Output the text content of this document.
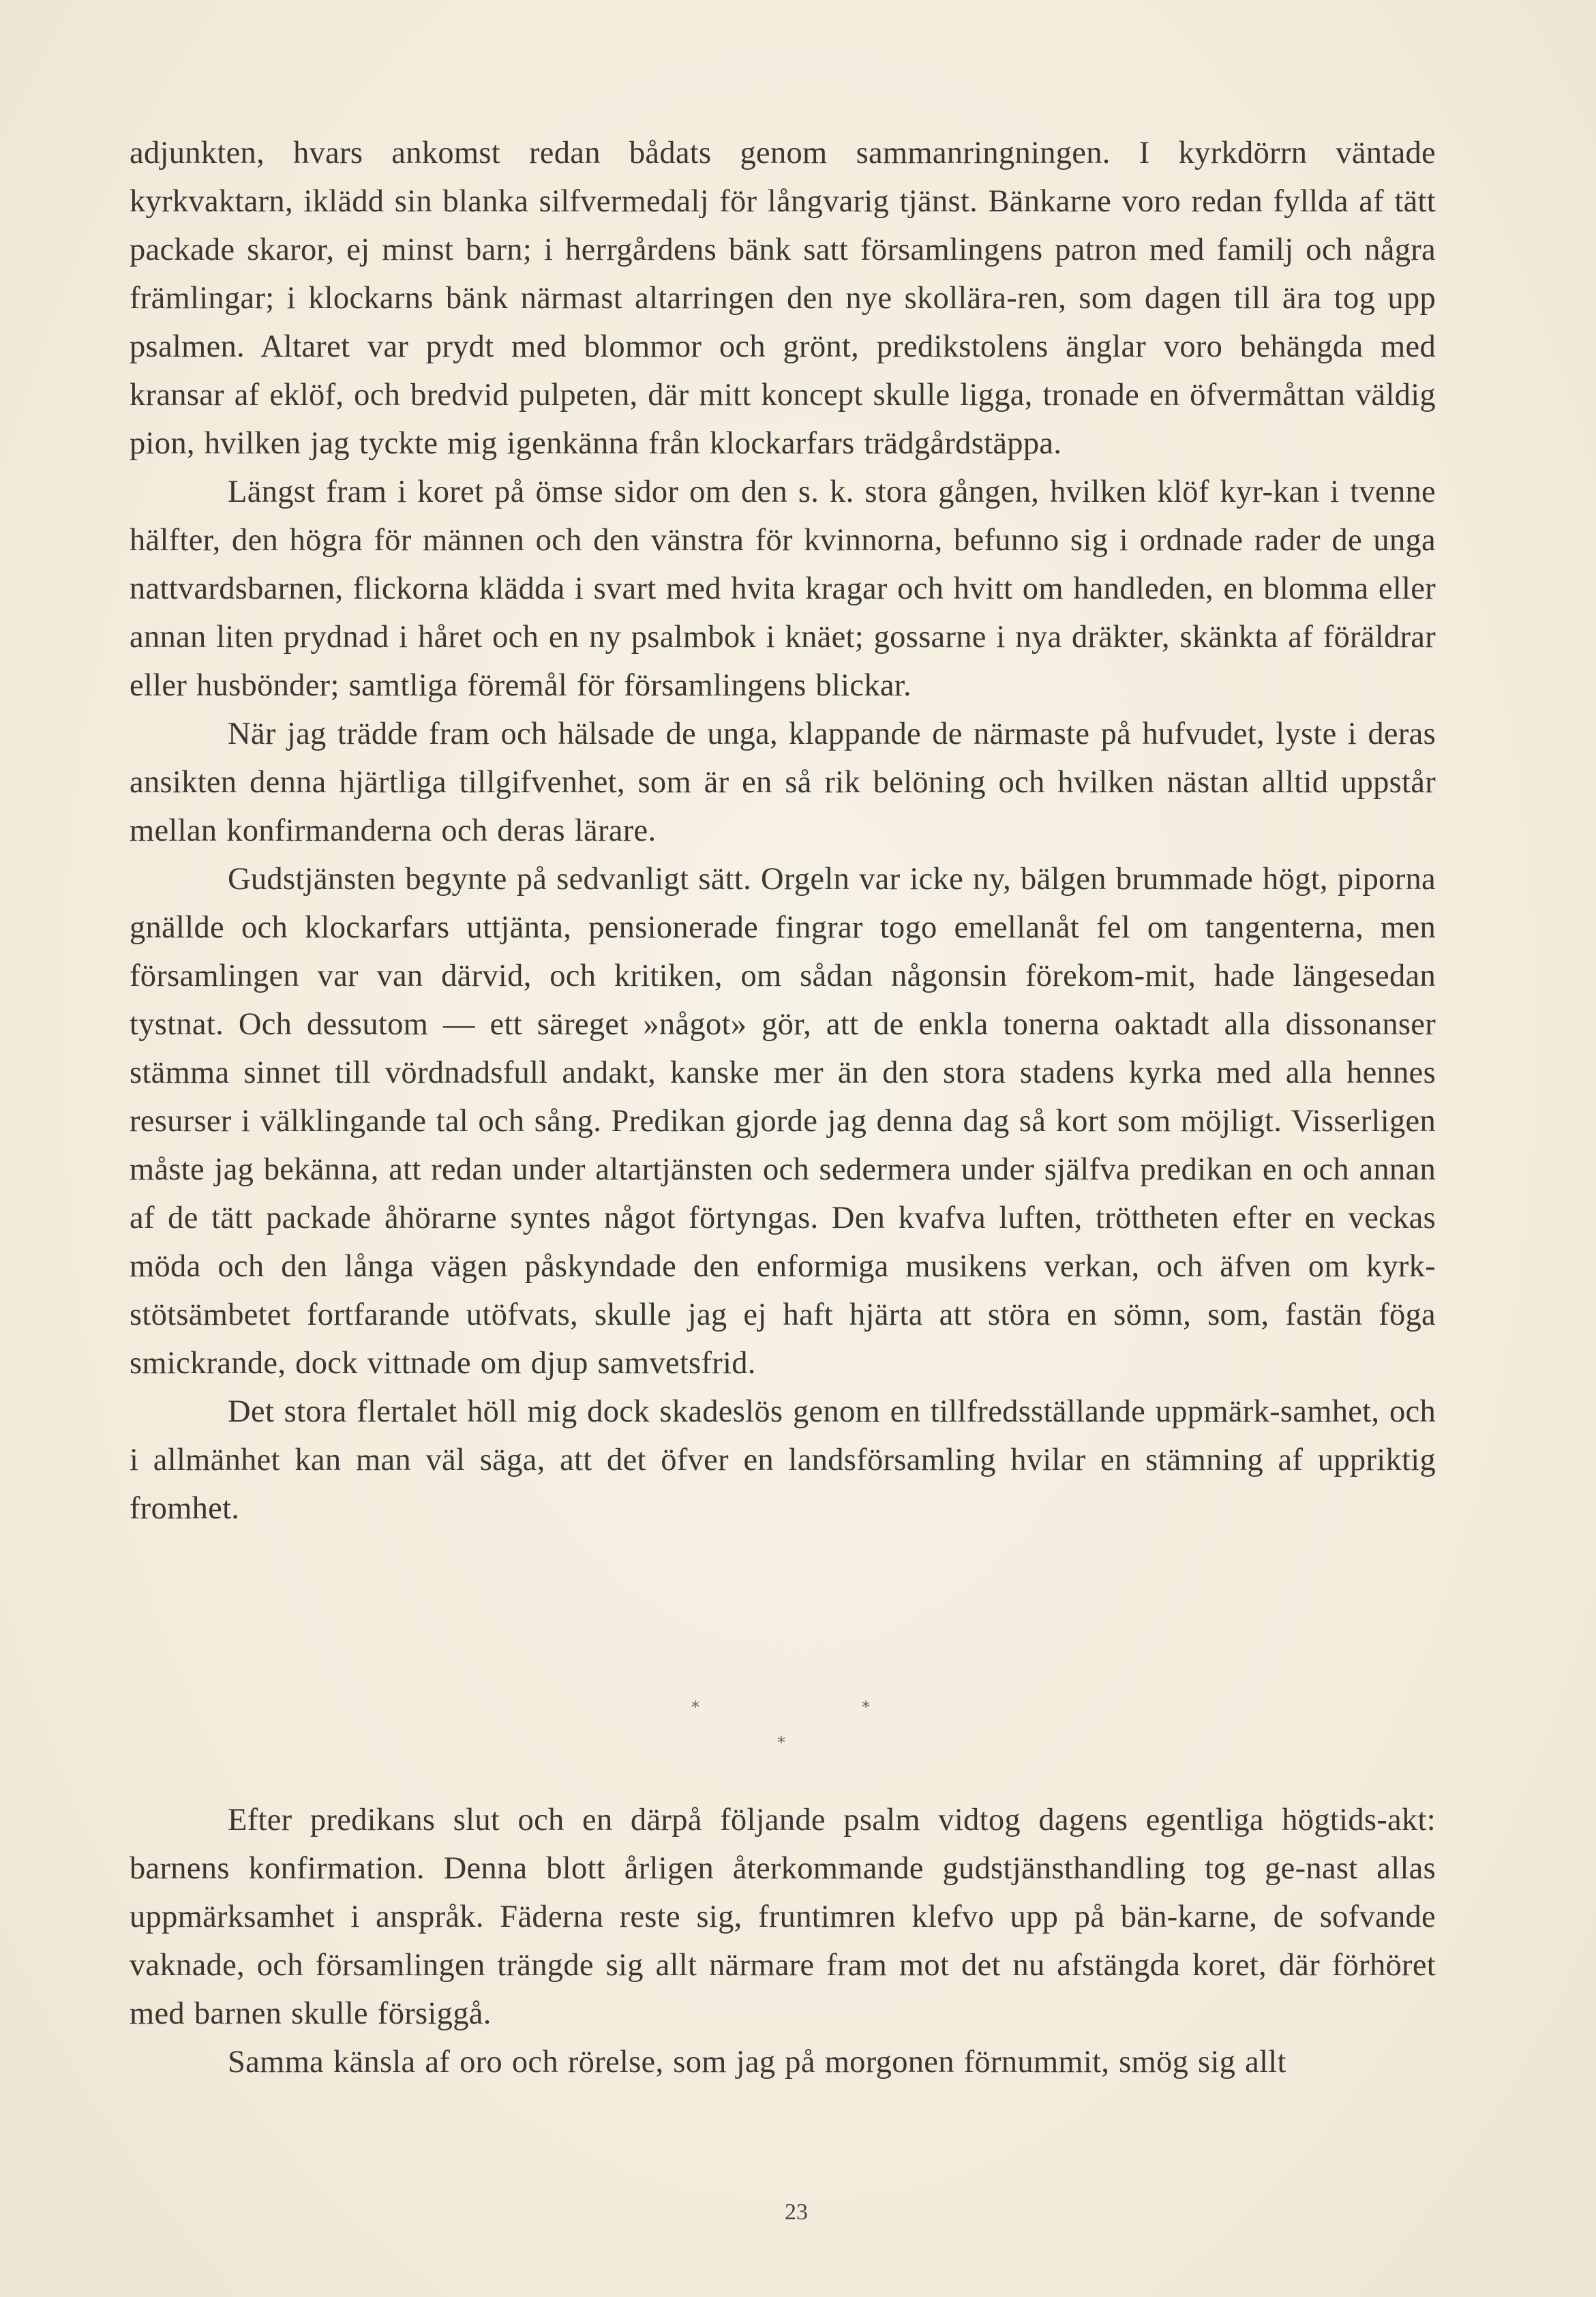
adjunkten, hvars ankomst redan bådats genom sammanringningen. I kyrkdörrn väntade kyrkvaktarn, iklädd sin blanka silfvermedalj för långvarig tjänst. Bänkarne voro redan fyllda af tätt packade skaror, ej minst barn; i herrgårdens bänk satt församlingens patron med familj och några främlingar; i klockarns bänk närmast altarringen den nye skollära-ren, som dagen till ära tog upp psalmen. Altaret var prydt med blommor och grönt, predikstolens änglar voro behängda med kransar af eklöf, och bredvid pulpeten, där mitt koncept skulle ligga, tronade en öfvermåttan väldig pion, hvilken jag tyckte mig igenkänna från klockarfars trädgårdstäppa.

Längst fram i koret på ömse sidor om den s. k. stora gången, hvilken klöf kyr-kan i tvenne hälfter, den högra för männen och den vänstra för kvinnorna, befunno sig i ordnade rader de unga nattvardsbarnen, flickorna klädda i svart med hvita kragar och hvitt om handleden, en blomma eller annan liten prydnad i håret och en ny psalmbok i knäet; gossarne i nya dräkter, skänkta af föräldrar eller husbönder; samtliga föremål för församlingens blickar.

När jag trädde fram och hälsade de unga, klappande de närmaste på hufvudet, lyste i deras ansikten denna hjärtliga tillgifvenhet, som är en så rik belöning och hvilken nästan alltid uppstår mellan konfirmanderna och deras lärare.

Gudstjänsten begynte på sedvanligt sätt. Orgeln var icke ny, bälgen brummade högt, piporna gnällde och klockarfars uttjänta, pensionerade fingrar togo emellanåt fel om tangenterna, men församlingen var van därvid, och kritiken, om sådan någonsin förekom-mit, hade längesedan tystnat. Och dessutom — ett säreget »något» gör, att de enkla tonerna oaktadt alla dissonanser stämma sinnet till vördnadsfull andakt, kanske mer än den stora stadens kyrka med alla hennes resurser i välklingande tal och sång. Predikan gjorde jag denna dag så kort som möjligt. Visserligen måste jag bekänna, att redan under altartjänsten och sedermera under själfva predikan en och annan af de tätt packade åhörarne syntes något förtyngas. Den kvafva luften, tröttheten efter en veckas möda och den långa vägen påskyndade den enformiga musikens verkan, och äfven om kyrk-stötsämbetet fortfarande utöfvats, skulle jag ej haft hjärta att störa en sömn, som, fastän föga smickrande, dock vittnade om djup samvetsfrid.

Det stora flertalet höll mig dock skadeslös genom en tillfredsställande uppmärk-samhet, och i allmänhet kan man väl säga, att det öfver en landsförsamling hvilar en stämning af uppriktig fromhet.

*	*
*

Efter predikans slut och en därpå följande psalm vidtog dagens egentliga högtids-akt: barnens konfirmation. Denna blott årligen återkommande gudstjänsthandling tog ge-nast allas uppmärksamhet i anspråk. Fäderna reste sig, fruntimren klefvo upp på bän-karne, de sofvande vaknade, och församlingen trängde sig allt närmare fram mot det nu afstängda koret, där förhöret med barnen skulle försiggå.

Samma känsla af oro och rörelse, som jag på morgonen förnummit, smög sig allt

23
